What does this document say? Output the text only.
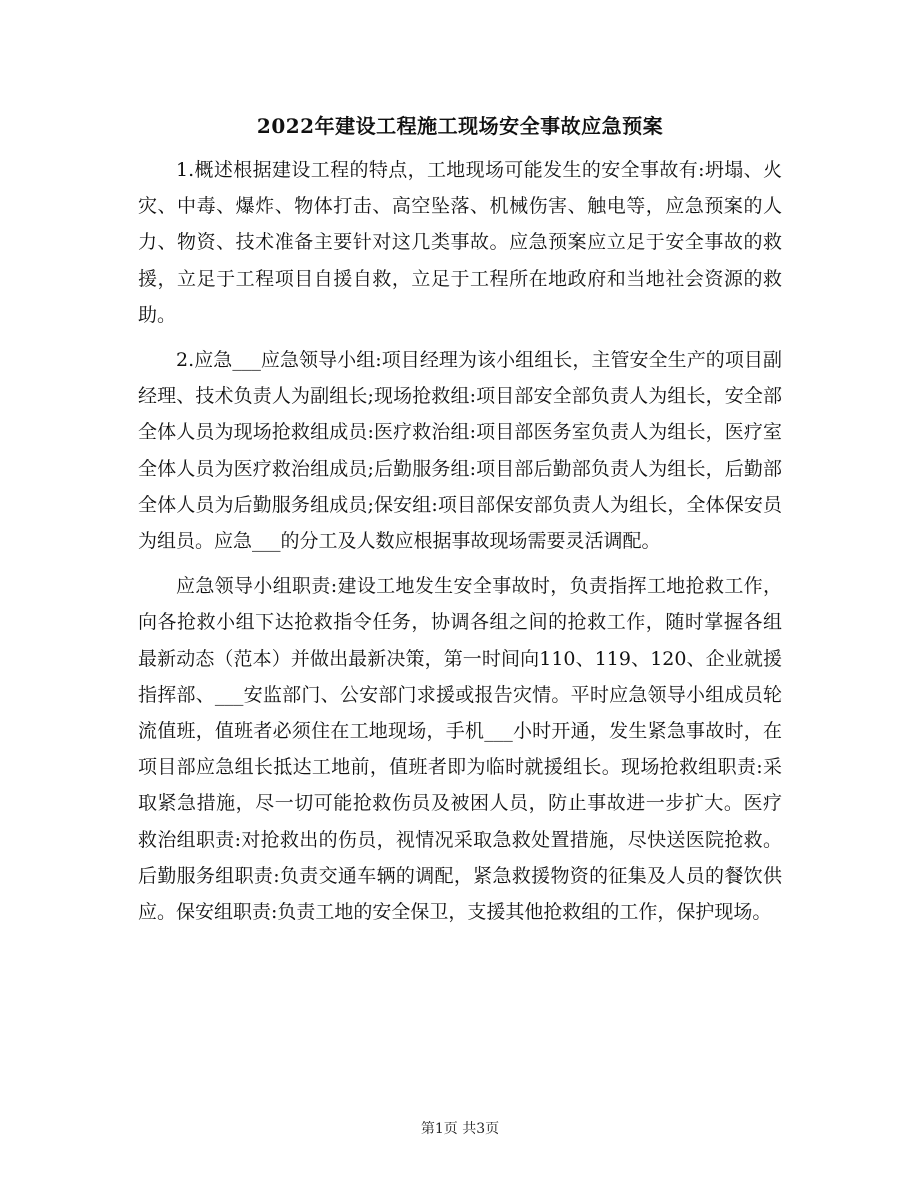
2022年建设工程施工现场安全事故应急预案

1.概述根据建设工程的特点，工地现场可能发生的安全事故有:坍塌、火灾、中毒、爆炸、物体打击、高空坠落、机械伤害、触电等，应急预案的人力、物资、技术准备主要针对这几类事故。应急预案应立足于安全事故的救援，立足于工程项目自援自救，立足于工程所在地政府和当地社会资源的救助。

2.应急___应急领导小组:项目经理为该小组组长，主管安全生产的项目副经理、技术负责人为副组长;现场抢救组:项目部安全部负责人为组长，安全部全体人员为现场抢救组成员:医疗救治组:项目部医务室负责人为组长，医疗室全体人员为医疗救治组成员;后勤服务组:项目部后勤部负责人为组长，后勤部全体人员为后勤服务组成员;保安组:项目部保安部负责人为组长，全体保安员为组员。应急___的分工及人数应根据事故现场需要灵活调配。

应急领导小组职责:建设工地发生安全事故时，负责指挥工地抢救工作，向各抢救小组下达抢救指令任务，协调各组之间的抢救工作，随时掌握各组最新动态（范本）并做出最新决策，第一时间向110、119、120、企业就援指挥部、___安监部门、公安部门求援或报告灾情。平时应急领导小组成员轮流值班，值班者必须住在工地现场，手机___小时开通，发生紧急事故时，在项目部应急组长抵达工地前，值班者即为临时就援组长。现场抢救组职责:采取紧急措施，尽一切可能抢救伤员及被困人员，防止事故进一步扩大。医疗救治组职责:对抢救出的伤员，视情况采取急救处置措施，尽快送医院抢救。后勤服务组职责:负责交通车辆的调配，紧急救援物资的征集及人员的餐饮供应。保安组职责:负责工地的安全保卫，支援其他抢救组的工作，保护现场。

第1页 共3页
